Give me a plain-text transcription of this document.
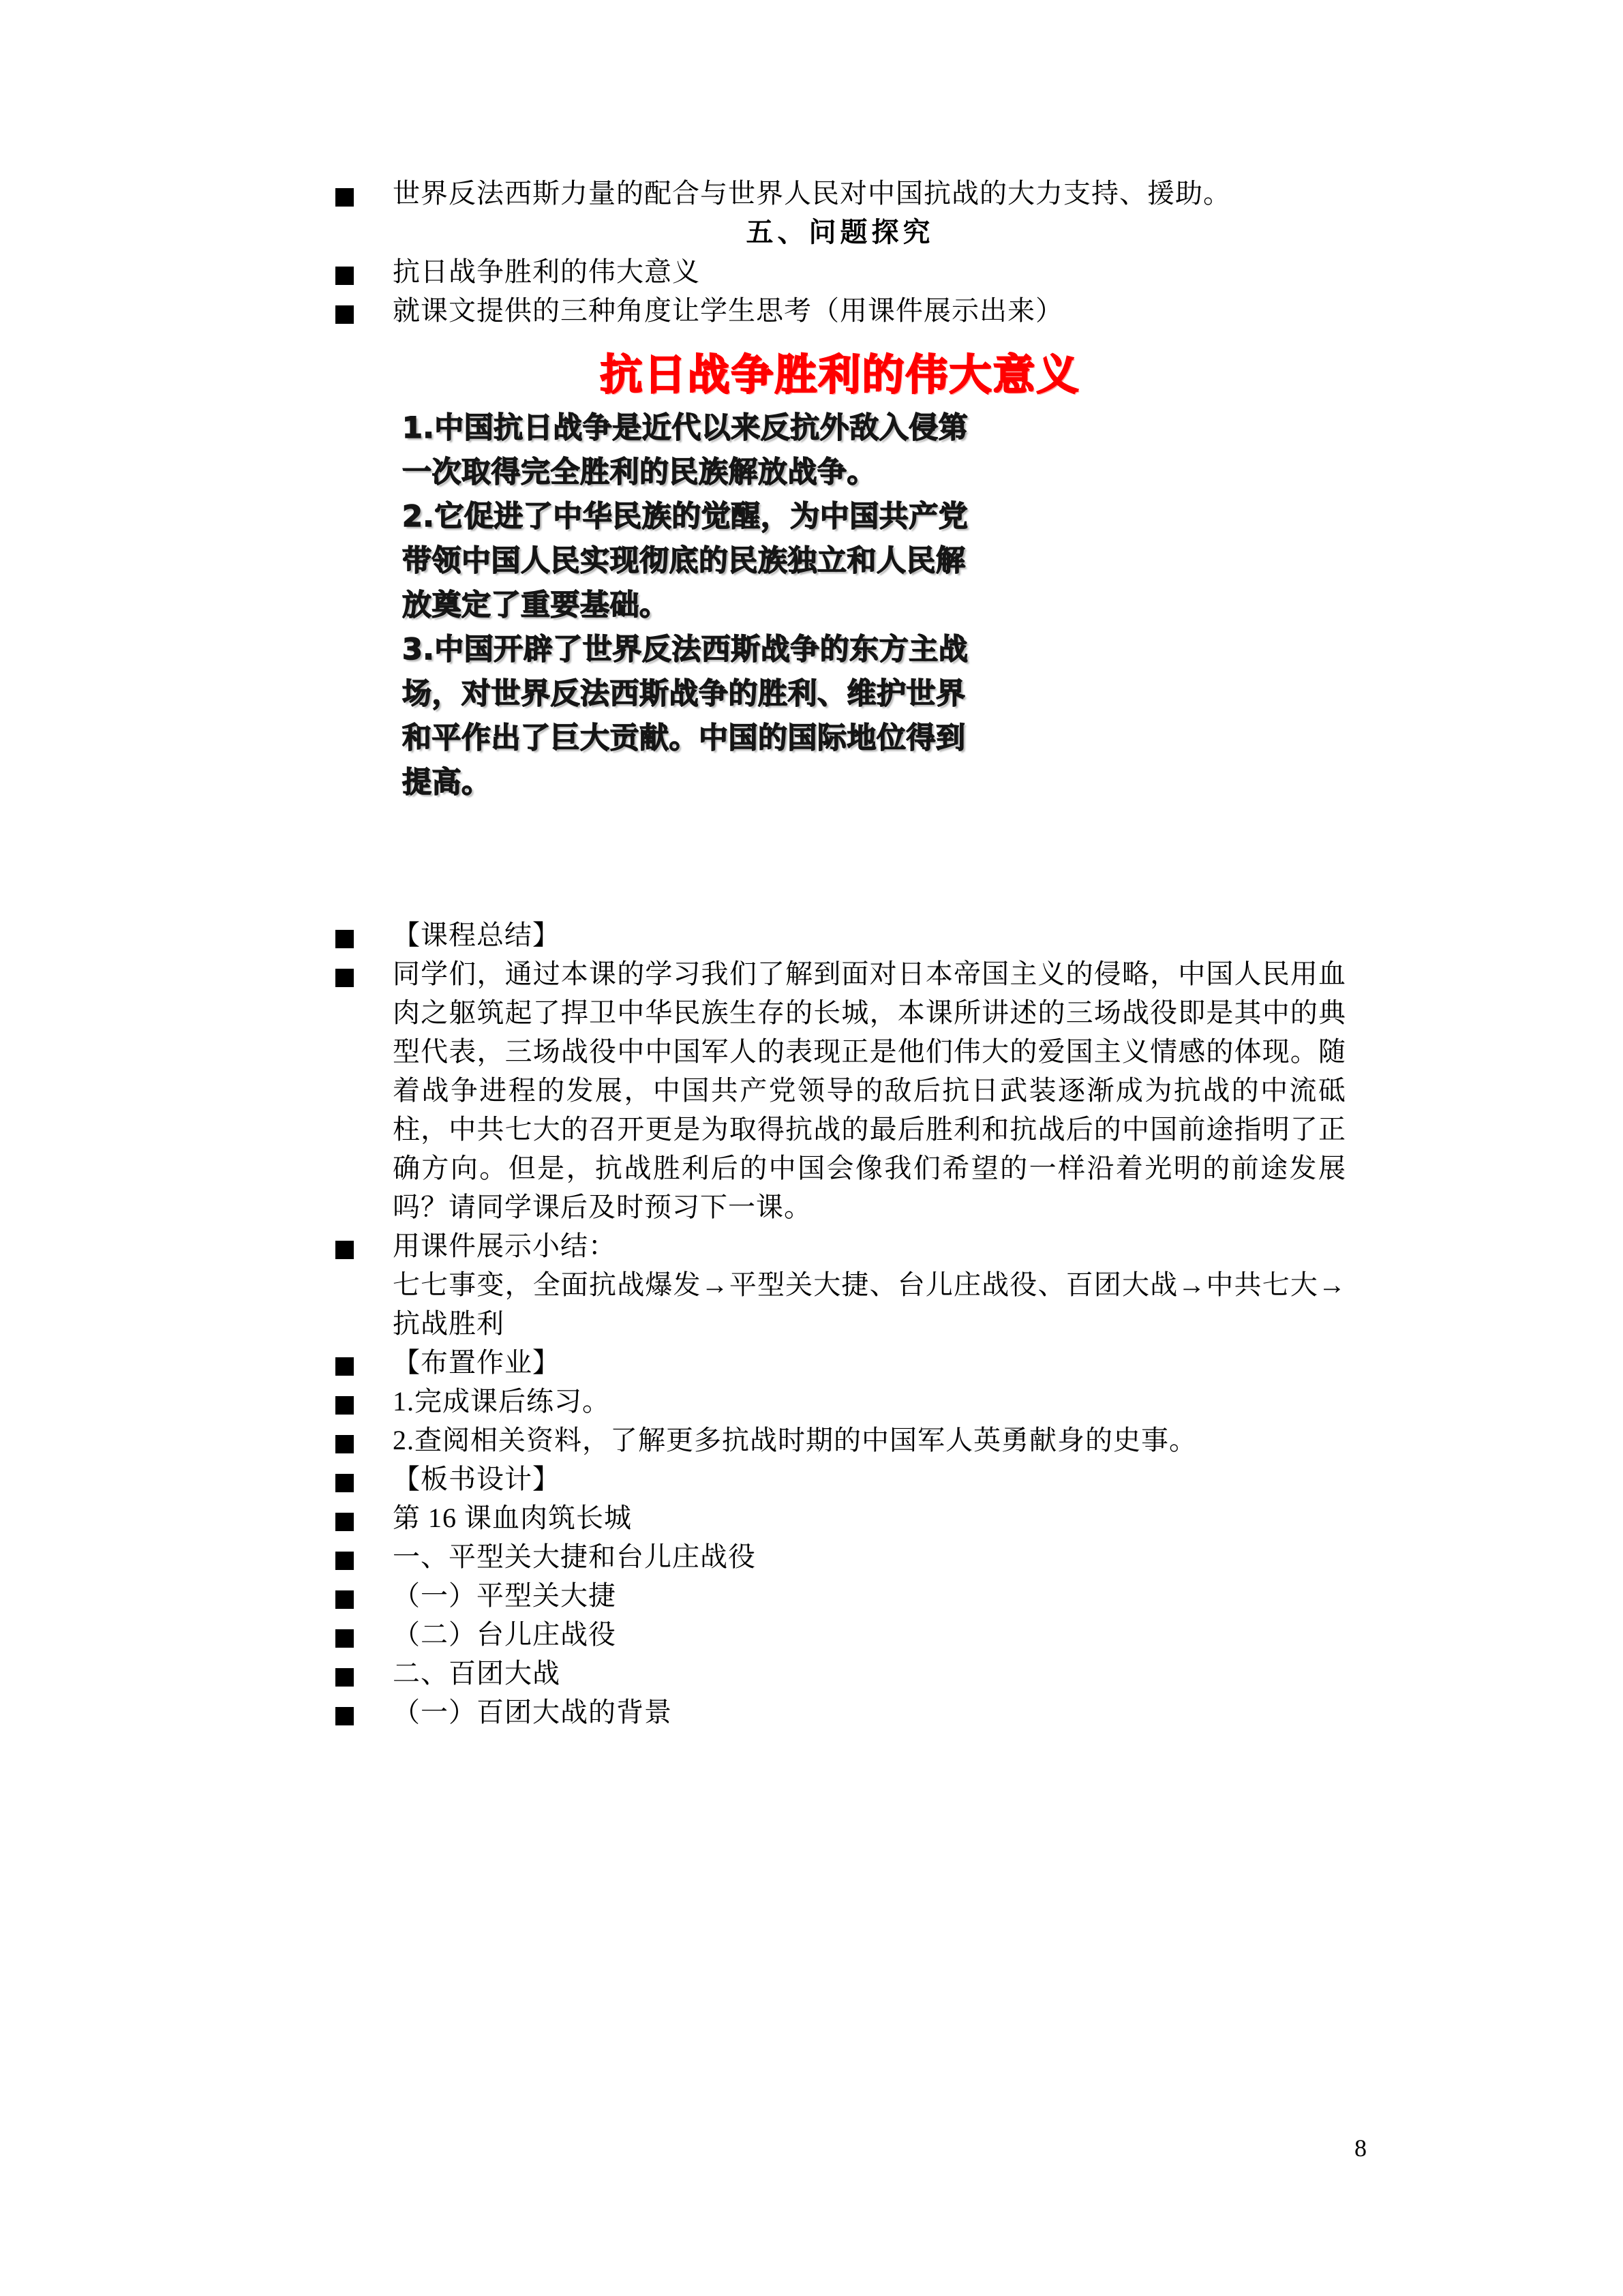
世界反法西斯力量的配合与世界人民对中国抗战的大力支持、援助。
五、问题探究
抗日战争胜利的伟大意义
就课文提供的三种角度让学生思考（用课件展示出来）
抗日战争胜利的伟大意义
1.中国抗日战争是近代以来反抗外敌入侵第
一次取得完全胜利的民族解放战争。
2.它促进了中华民族的觉醒，为中国共产党
带领中国人民实现彻底的民族独立和人民解
放奠定了重要基础。
3.中国开辟了世界反法西斯战争的东方主战
场，对世界反法西斯战争的胜利、维护世界
和平作出了巨大贡献。中国的国际地位得到
提高。
【课程总结】
同学们，通过本课的学习我们了解到面对日本帝国主义的侵略，中国人民用血肉之躯筑起了捍卫中华民族生存的长城，本课所讲述的三场战役即是其中的典型代表，三场战役中中国军人的表现正是他们伟大的爱国主义情感的体现。随着战争进程的发展，中国共产党领导的敌后抗日武装逐渐成为抗战的中流砥柱，中共七大的召开更是为取得抗战的最后胜利和抗战后的中国前途指明了正确方向。但是，抗战胜利后的中国会像我们希望的一样沿着光明的前途发展吗？请同学课后及时预习下一课。
用课件展示小结：
七七事变，全面抗战爆发→平型关大捷、台儿庄战役、百团大战→中共七大→抗战胜利
【布置作业】
1.完成课后练习。
2.查阅相关资料，了解更多抗战时期的中国军人英勇献身的史事。
【板书设计】
第 16 课血肉筑长城
一、平型关大捷和台儿庄战役
（一）平型关大捷
（二）台儿庄战役
二、百团大战
（一）百团大战的背景
8
